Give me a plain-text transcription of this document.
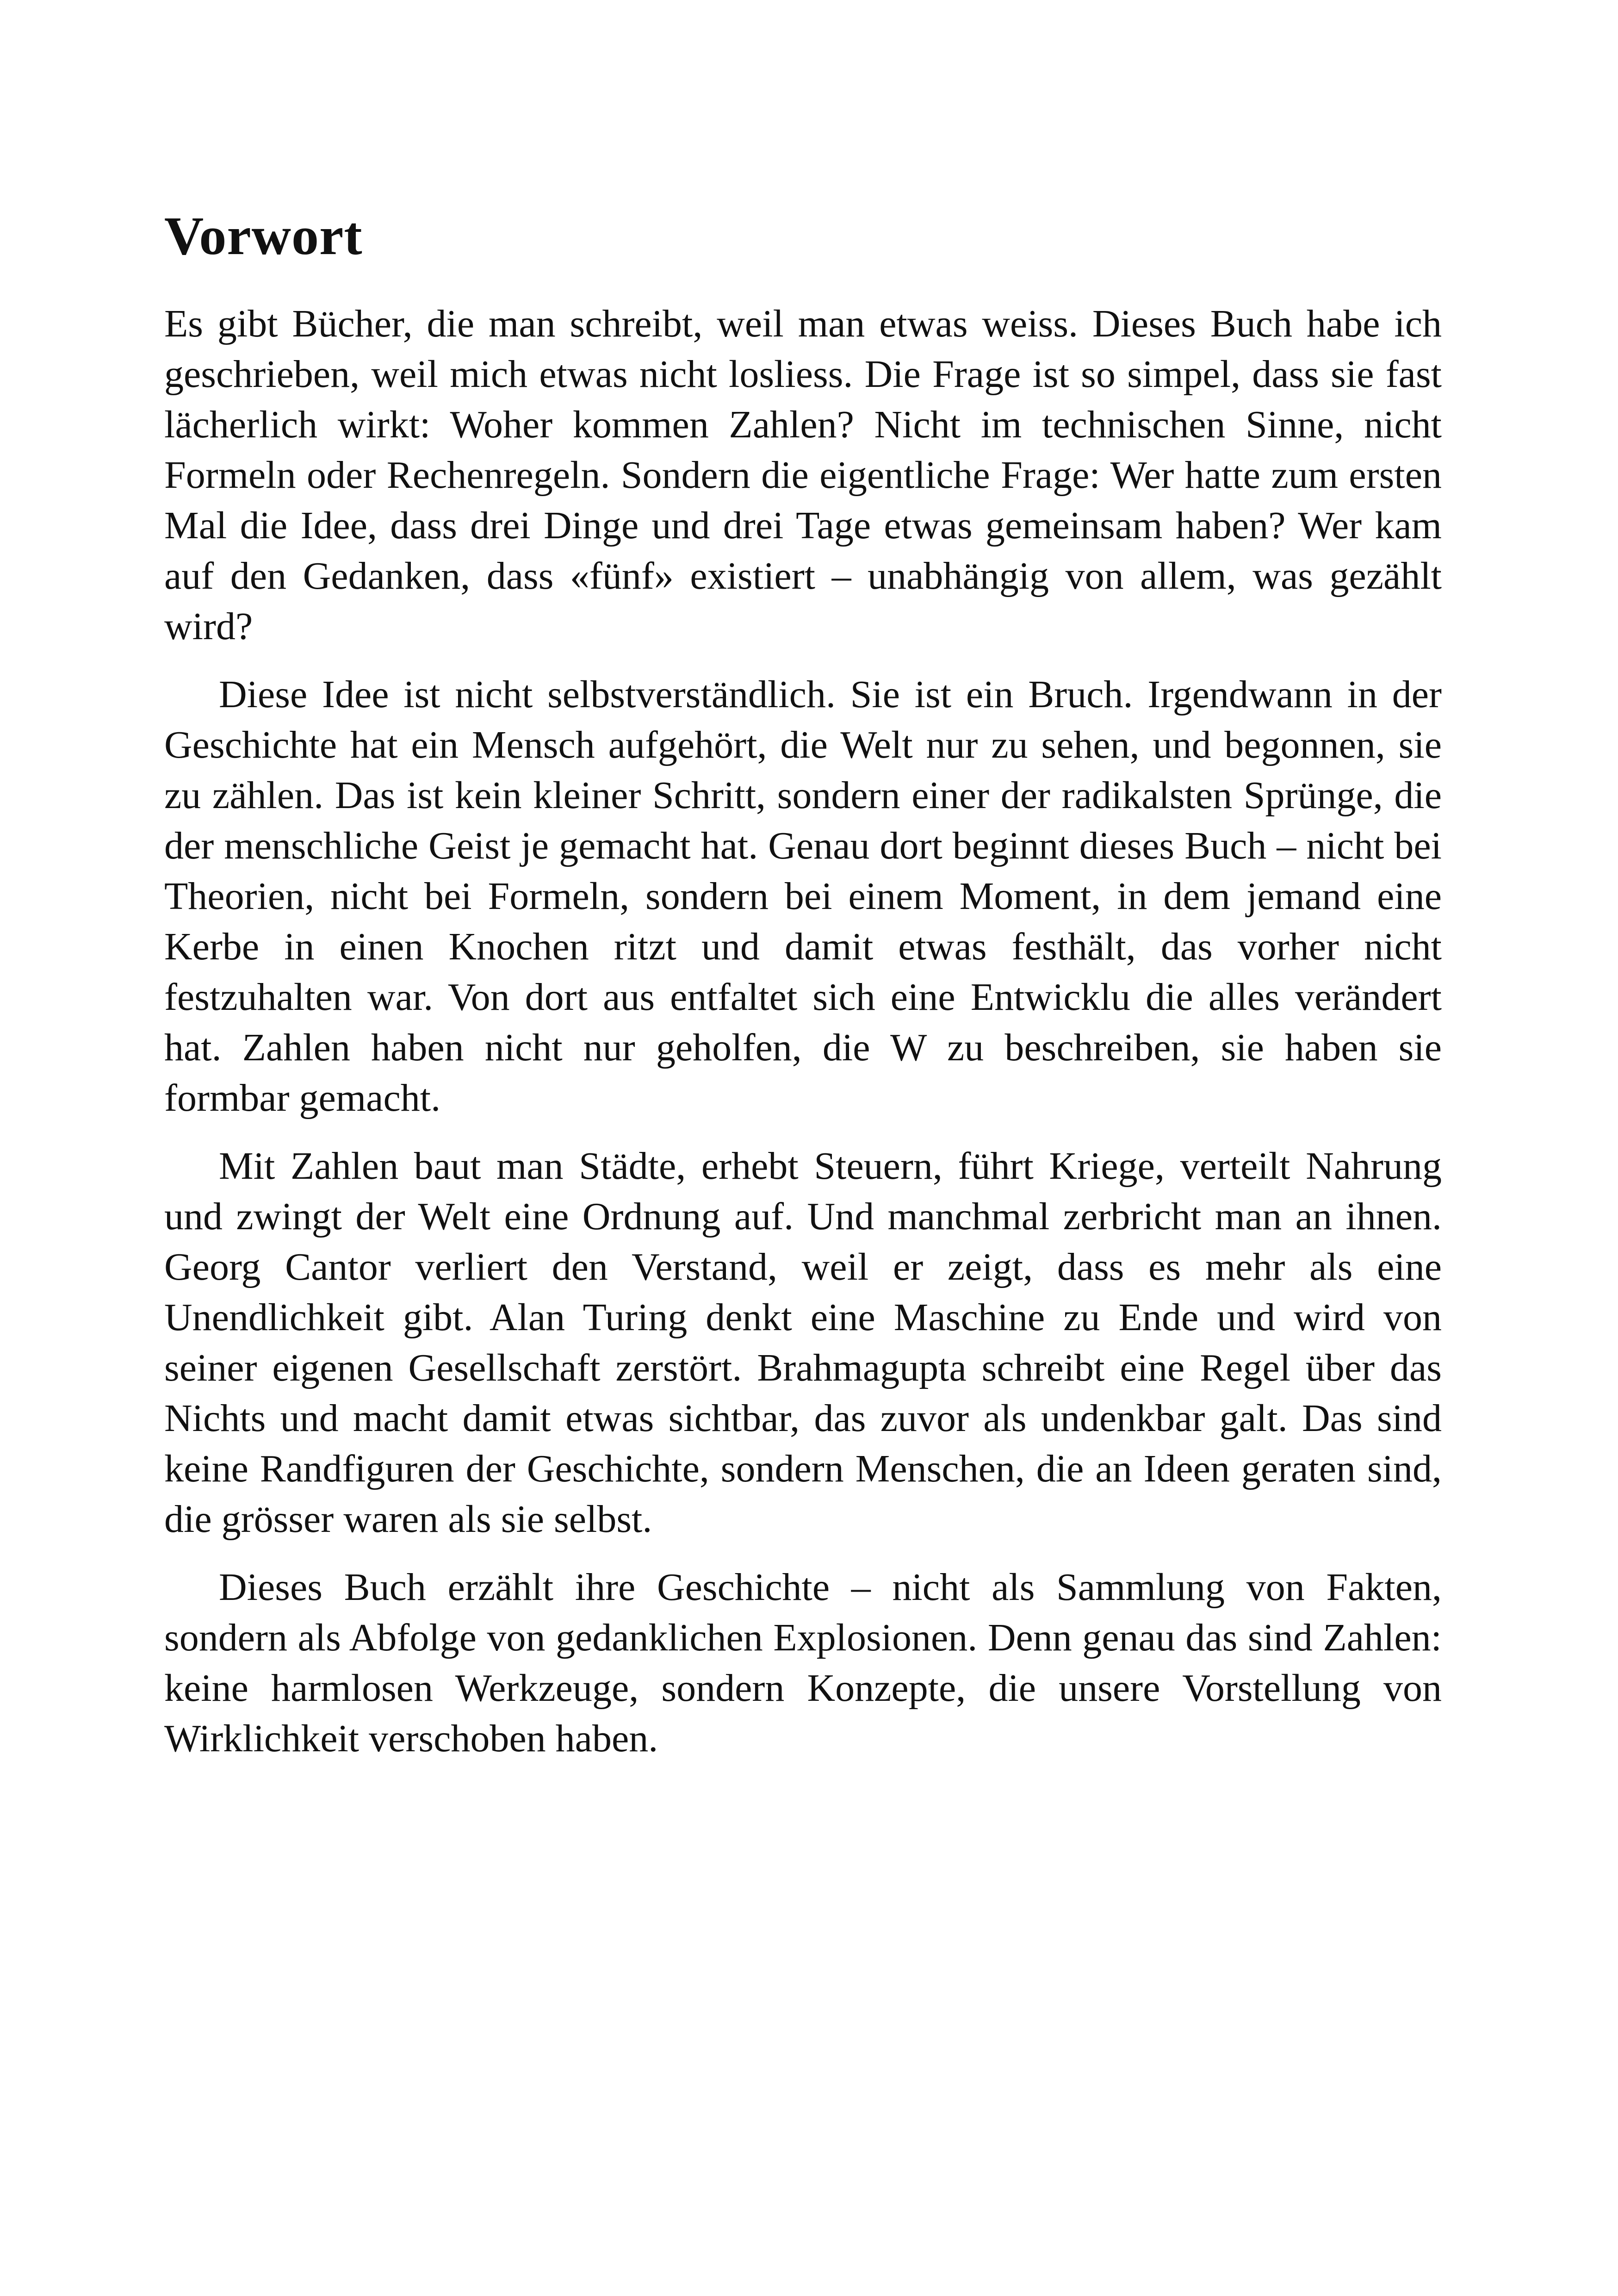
Vorwort

Es gibt Bücher, die man schreibt, weil man etwas weiss. Dieses Buch habe ich geschrieben, weil mich etwas nicht losliess. Die Frage ist so simpel, dass sie fast lächerlich wirkt: Woher kommen Zahlen? Nicht im technischen Sinne, nicht Formeln oder Rechenregeln. Sondern die eigentliche Frage: Wer hatte zum ersten Mal die Idee, dass drei Dinge und drei Tage etwas gemeinsam haben? Wer kam auf den Gedanken, dass «fünf» existiert – unabhängig von allem, was gezählt wird?

Diese Idee ist nicht selbstverständlich. Sie ist ein Bruch. Irgendwann in der Geschichte hat ein Mensch aufgehört, die Welt nur zu sehen, und begonnen, sie zu zählen. Das ist kein kleiner Schritt, sondern einer der radikalsten Sprünge, die der menschliche Geist je gemacht hat. Genau dort beginnt dieses Buch – nicht bei Theorien, nicht bei Formeln, sondern bei einem Moment, in dem jemand eine Kerbe in einen Knochen ritzt und damit etwas festhält, das vorher nicht festzuhalten war. Von dort aus entfaltet sich eine Entwicklu die alles verändert hat. Zahlen haben nicht nur geholfen, die W zu beschreiben, sie haben sie formbar gemacht.

Mit Zahlen baut man Städte, erhebt Steuern, führt Kriege, verteilt Nahrung und zwingt der Welt eine Ordnung auf. Und manchmal zerbricht man an ihnen. Georg Cantor verliert den Verstand, weil er zeigt, dass es mehr als eine Unendlichkeit gibt. Alan Turing denkt eine Maschine zu Ende und wird von seiner eigenen Gesellschaft zerstört. Brahmagupta schreibt eine Regel über das Nichts und macht damit etwas sichtbar, das zuvor als undenkbar galt. Das sind keine Randfiguren der Geschichte, sondern Menschen, die an Ideen geraten sind, die grösser waren als sie selbst.

Dieses Buch erzählt ihre Geschichte – nicht als Sammlung von Fakten, sondern als Abfolge von gedanklichen Explosionen. Denn genau das sind Zahlen: keine harmlosen Werkzeuge, sondern Konzepte, die unsere Vorstellung von Wirklichkeit verschoben haben.
